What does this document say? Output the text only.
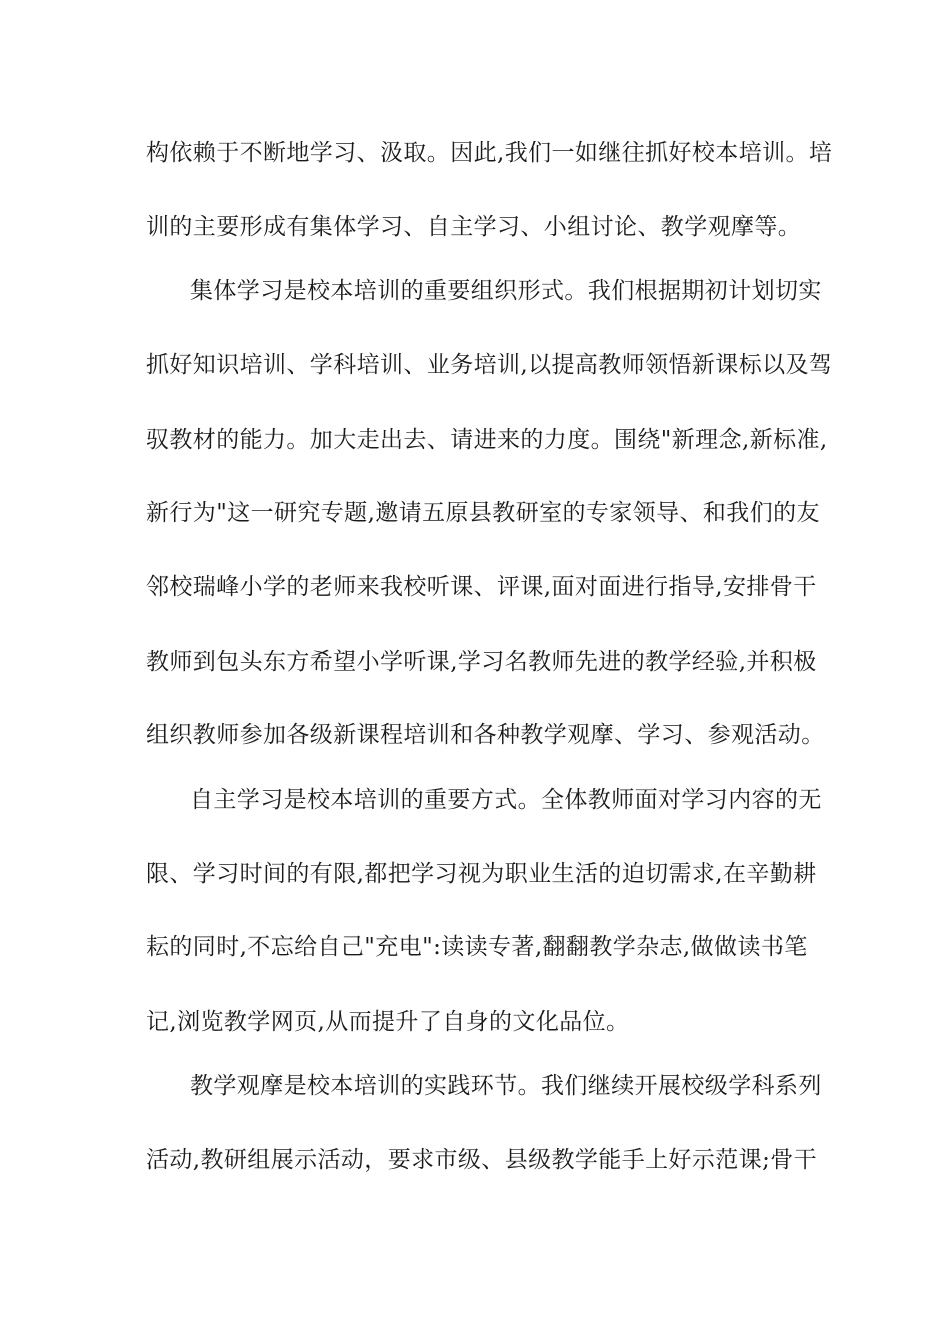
构依赖于不断地学习、汲取。因此,我们一如继往抓好校本培训。培
训的主要形成有集体学习、自主学习、小组讨论、教学观摩等。
集体学习是校本培训的重要组织形式。我们根据期初计划切实
抓好知识培训、学科培训、业务培训,以提高教师领悟新课标以及驾
驭教材的能力。加大走出去、请进来的力度。围绕"新理念,新标准,
新行为"这一研究专题,邀请五原县教研室的专家领导、和我们的友
邻校瑞峰小学的老师来我校听课、评课,面对面进行指导,安排骨干
教师到包头东方希望小学听课,学习名教师先进的教学经验,并积极
组织教师参加各级新课程培训和各种教学观摩、学习、参观活动。
自主学习是校本培训的重要方式。全体教师面对学习内容的无
限、学习时间的有限,都把学习视为职业生活的迫切需求,在辛勤耕
耘的同时,不忘给自己"充电":读读专著,翻翻教学杂志,做做读书笔
记,浏览教学网页,从而提升了自身的文化品位。
教学观摩是校本培训的实践环节。我们继续开展校级学科系列
活动,教研组展示活动，要求市级、县级教学能手上好示范课;骨干
